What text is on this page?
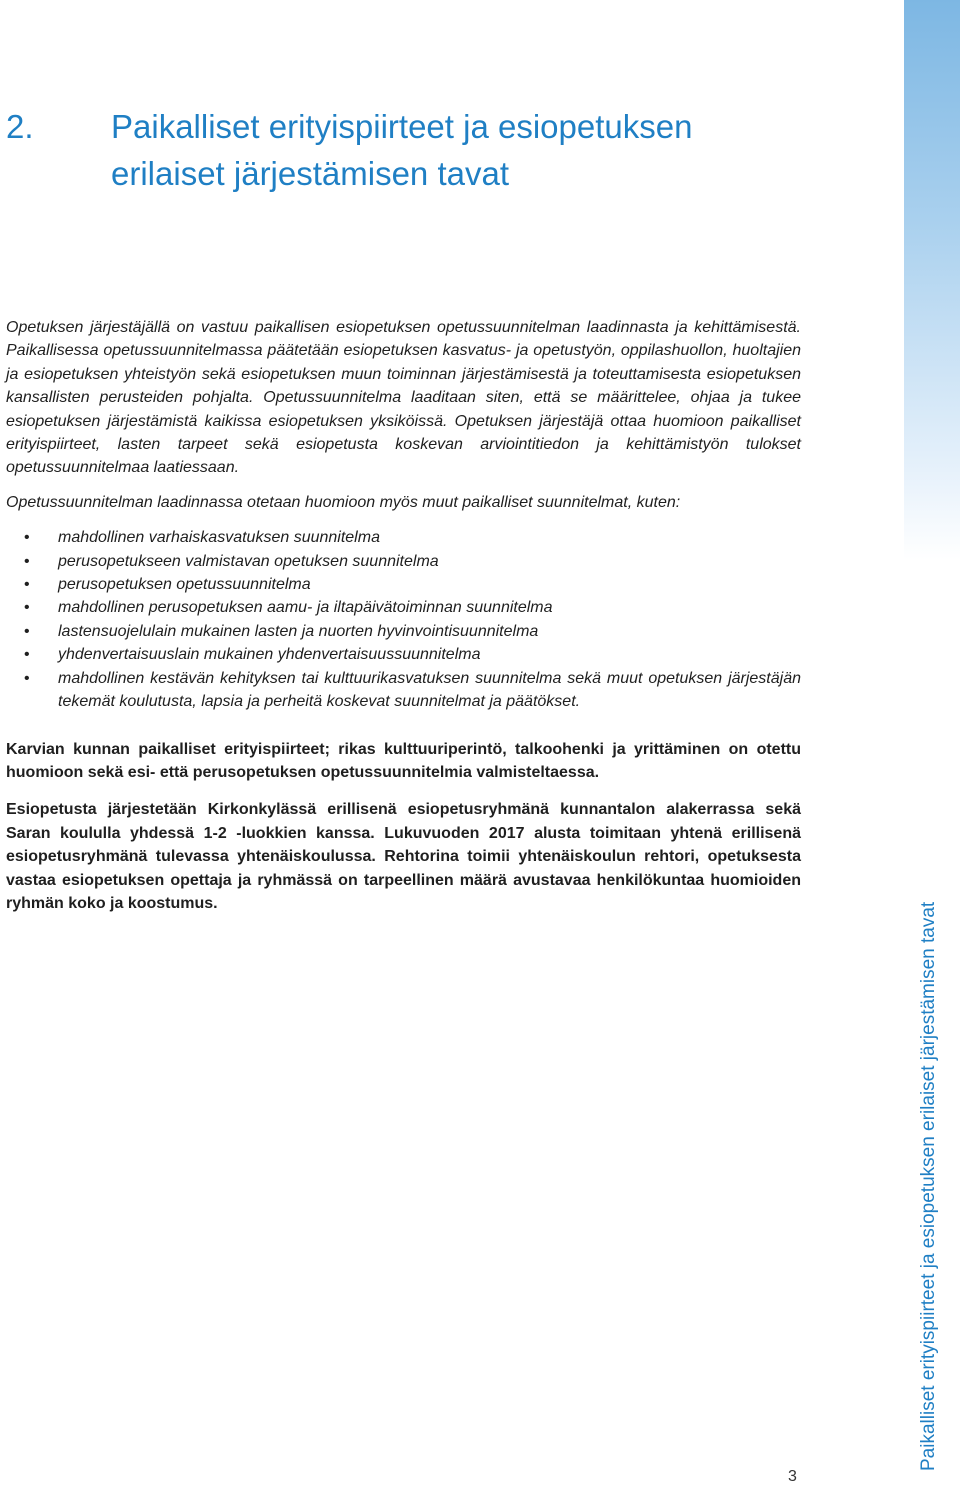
2. Paikalliset erityispiirteet ja esiopetuksen erilaiset järjestämisen tavat

Opetuksen järjestäjällä on vastuu paikallisen esiopetuksen opetussuunnitelman laadinnasta ja kehittämisestä. Paikallisessa opetussuunnitelmassa päätetään esiopetuksen kasvatus- ja opetustyön, oppilashuollon, huoltajien ja esiopetuksen yhteistyön sekä esiopetuksen muun toiminnan järjestämisestä ja toteuttamisesta esiopetuksen kansallisten perusteiden pohjalta. Opetussuunnitelma laaditaan siten, että se määrittelee, ohjaa ja tukee esiopetuksen järjestämistä kaikissa esiopetuksen yksiköissä. Opetuksen järjestäjä ottaa huomioon paikalliset erityispiirteet, lasten tarpeet sekä esiopetusta koskevan arviointitiedon ja kehittämistyön tulokset opetussuunnitelmaa laatiessaan.

Opetussuunnitelman laadinnassa otetaan huomioon myös muut paikalliset suunnitelmat, kuten:

• mahdollinen varhaiskasvatuksen suunnitelma
• perusopetukseen valmistavan opetuksen suunnitelma
• perusopetuksen opetussuunnitelma
• mahdollinen perusopetuksen aamu- ja iltapäivätoiminnan suunnitelma
• lastensuojelulain mukainen lasten ja nuorten hyvinvointisuunnitelma
• yhdenvertaisuuslain mukainen yhdenvertaisuussuunnitelma
• mahdollinen kestävän kehityksen tai kulttuurikasvatuksen suunnitelma sekä muut opetuksen järjestäjän tekemät koulutusta, lapsia ja perheitä koskevat suunnitelmat ja päätökset.

Karvian kunnan paikalliset erityispiirteet; rikas kulttuuriperintö, talkoohenki ja yrittäminen on otettu huomioon sekä esi- että perusopetuksen opetussuunnitelmia valmisteltaessa.

Esiopetusta järjestetään Kirkonkylässä erillisenä esiopetusryhmänä kunnantalon alakerrassa sekä Saran koululla yhdessä 1-2 -luokkien kanssa. Lukuvuoden 2017 alusta toimitaan yhtenä erillisenä esiopetusryhmänä tulevassa yhtenäiskoulussa. Rehtorina toimii yhtenäiskoulun rehtori, opetuksesta vastaa esiopetuksen opettaja ja ryhmässä on tarpeellinen määrä avustavaa henkilökuntaa huomioiden ryhmän koko ja koostumus.	Paikalliset erityispiirteet ja esiopetuksen erilaiset järjestämisen tavat
3
